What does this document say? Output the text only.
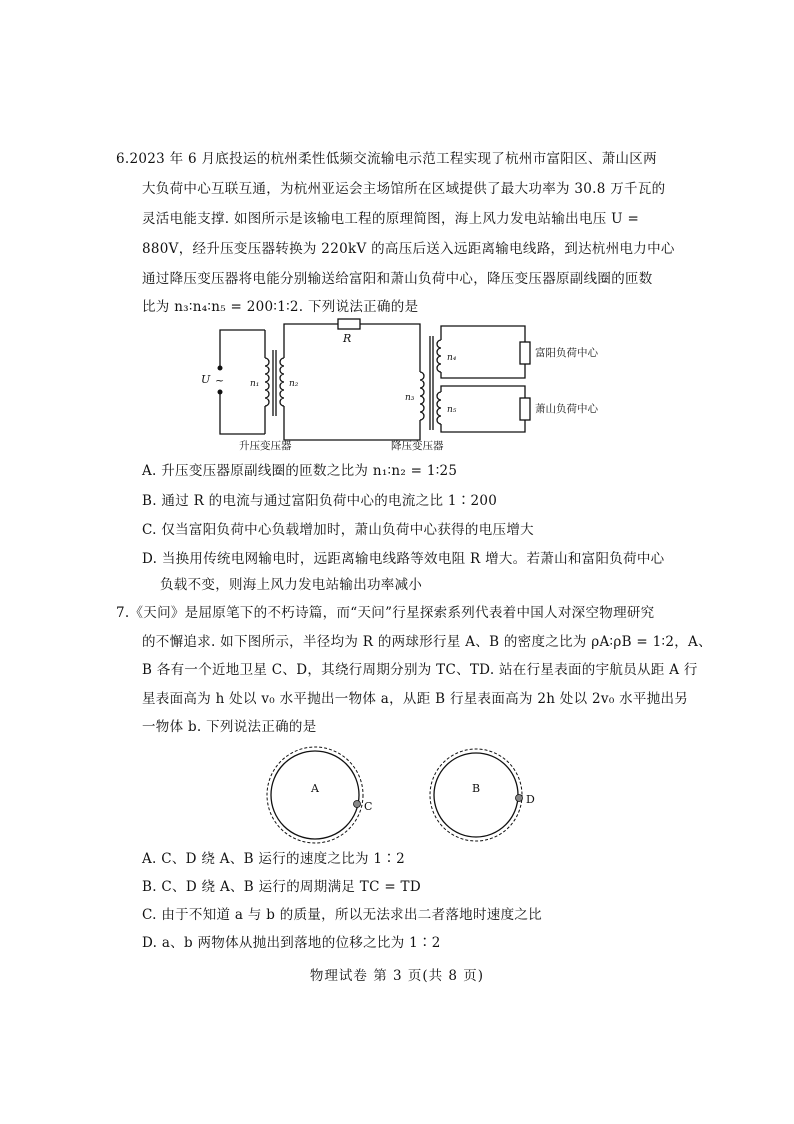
6.2023 年 6 月底投运的杭州柔性低频交流输电示范工程实现了杭州市富阳区、萧山区两
大负荷中心互联互通，为杭州亚运会主场馆所在区域提供了最大功率为 30.8 万千瓦的
灵活电能支撑. 如图所示是该输电工程的原理简图，海上风力发电站输出电压 U =
880V，经升压变压器转换为 220kV 的高压后送入远距离输电线路，到达杭州电力中心
通过降压变压器将电能分别输送给富阳和萧山负荷中心，降压变压器原副线圈的匝数
比为 n₃∶n₄∶n₅ = 200∶1∶2. 下列说法正确的是
U ~	n₁	n₂
R
n₃
n₄
n₅
富阳负荷中心
萧山负荷中心
升压变压器	降压变压器
A. 升压变压器原副线圈的匝数之比为 n₁∶n₂ = 1∶25
B. 通过 R 的电流与通过富阳负荷中心的电流之比 1∶200
C. 仅当富阳负荷中心负载增加时，萧山负荷中心获得的电压增大
D. 当换用传统电网输电时，远距离输电线路等效电阻 R 增大。若萧山和富阳负荷中心
负载不变，则海上风力发电站输出功率减小
7.《天问》是屈原笔下的不朽诗篇，而“天问”行星探索系列代表着中国人对深空物理研究
的不懈追求. 如下图所示，半径均为 R 的两球形行星 A、B 的密度之比为 ρA∶ρB = 1∶2，A、
B 各有一个近地卫星 C、D，其绕行周期分别为 TC、TD. 站在行星表面的宇航员从距 A 行
星表面高为 h 处以 v₀ 水平抛出一物体 a，从距 B 行星表面高为 2h 处以 2v₀ 水平抛出另
一物体 b. 下列说法正确的是
A	B
C
D
A. C、D 绕 A、B 运行的速度之比为 1∶2
B. C、D 绕 A、B 运行的周期满足 TC = TD
C. 由于不知道 a 与 b 的质量，所以无法求出二者落地时速度之比
D. a、b 两物体从抛出到落地的位移之比为 1∶2
物理试卷 第 3 页(共 8 页)
